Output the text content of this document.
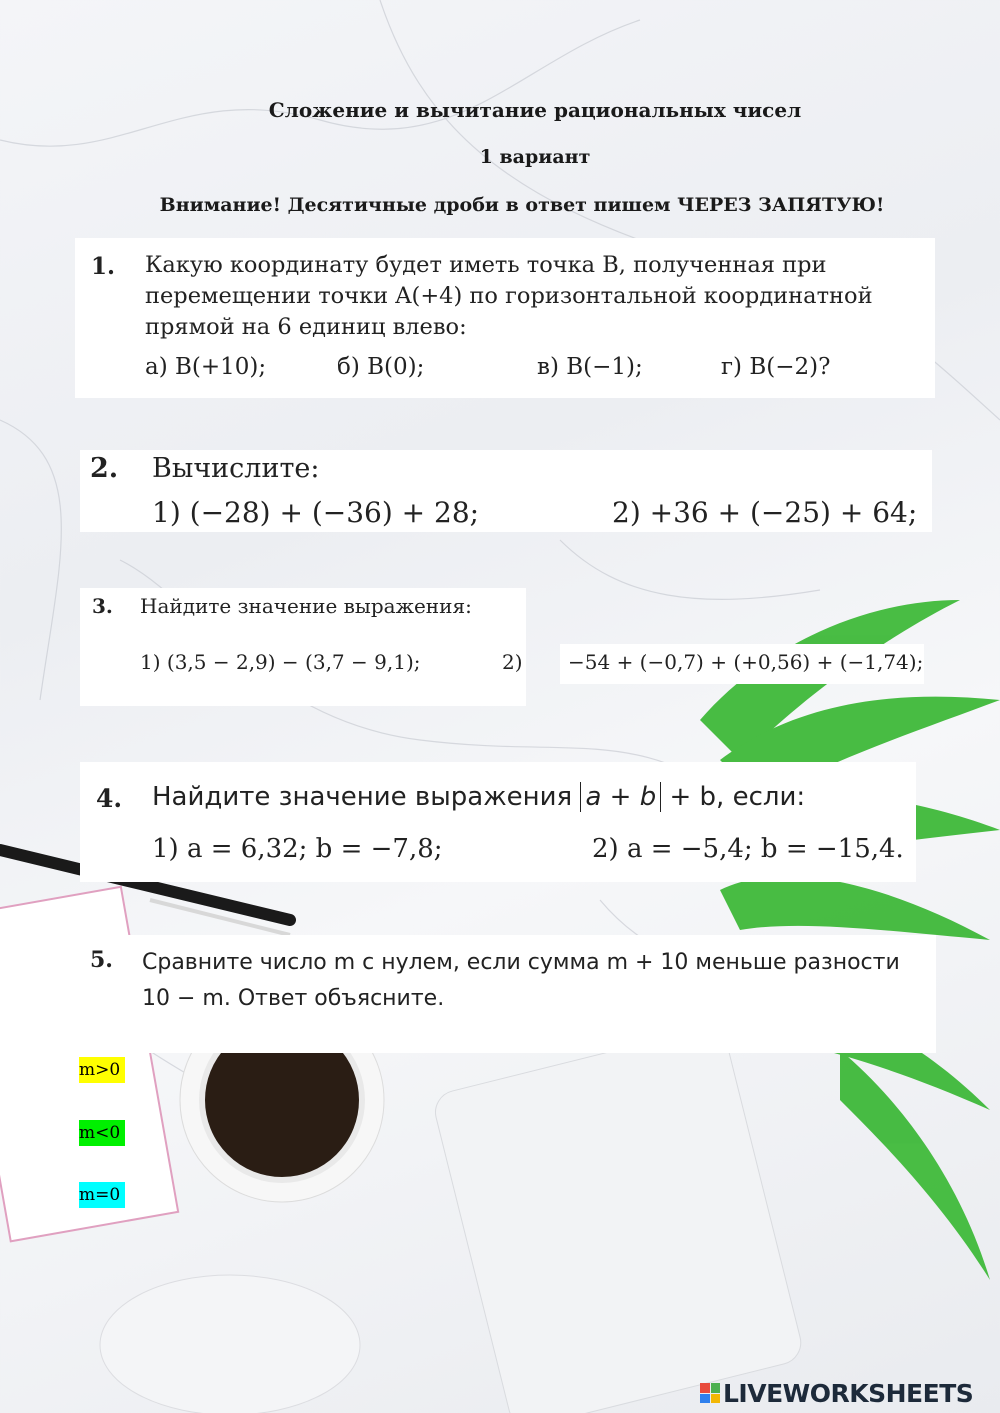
Сложение и вычитание рациональных чисел
1 вариант
Внимание! Десятичные дроби в ответ пишем ЧЕРЕЗ ЗАПЯТУЮ!
1. Какую координату будет иметь точка B, полученная при перемещении точки A(+4) по горизонтальной координатной прямой на 6 единиц влево:
а) B(+10);	б) B(0);	в) B(−1);	г) B(−2)?
2. Вычислите:
1) (−28) + (−36) + 28;	2) +36 + (−25) + 64;
3. Найдите значение выражения:
1) (3,5 − 2,9) − (3,7 − 9,1);	2) −54 + (−0,7) + (+0,56) + (−1,74);
4. Найдите значение выражения a + b + b, если:
1) a = 6,32; b = −7,8;	2) a = −5,4; b = −15,4.
5. Сравните число m с нулем, если сумма m + 10 меньше разности 10 − m. Ответ объясните.
m>0
m<0
m=0
LIVEWORKSHEETS
